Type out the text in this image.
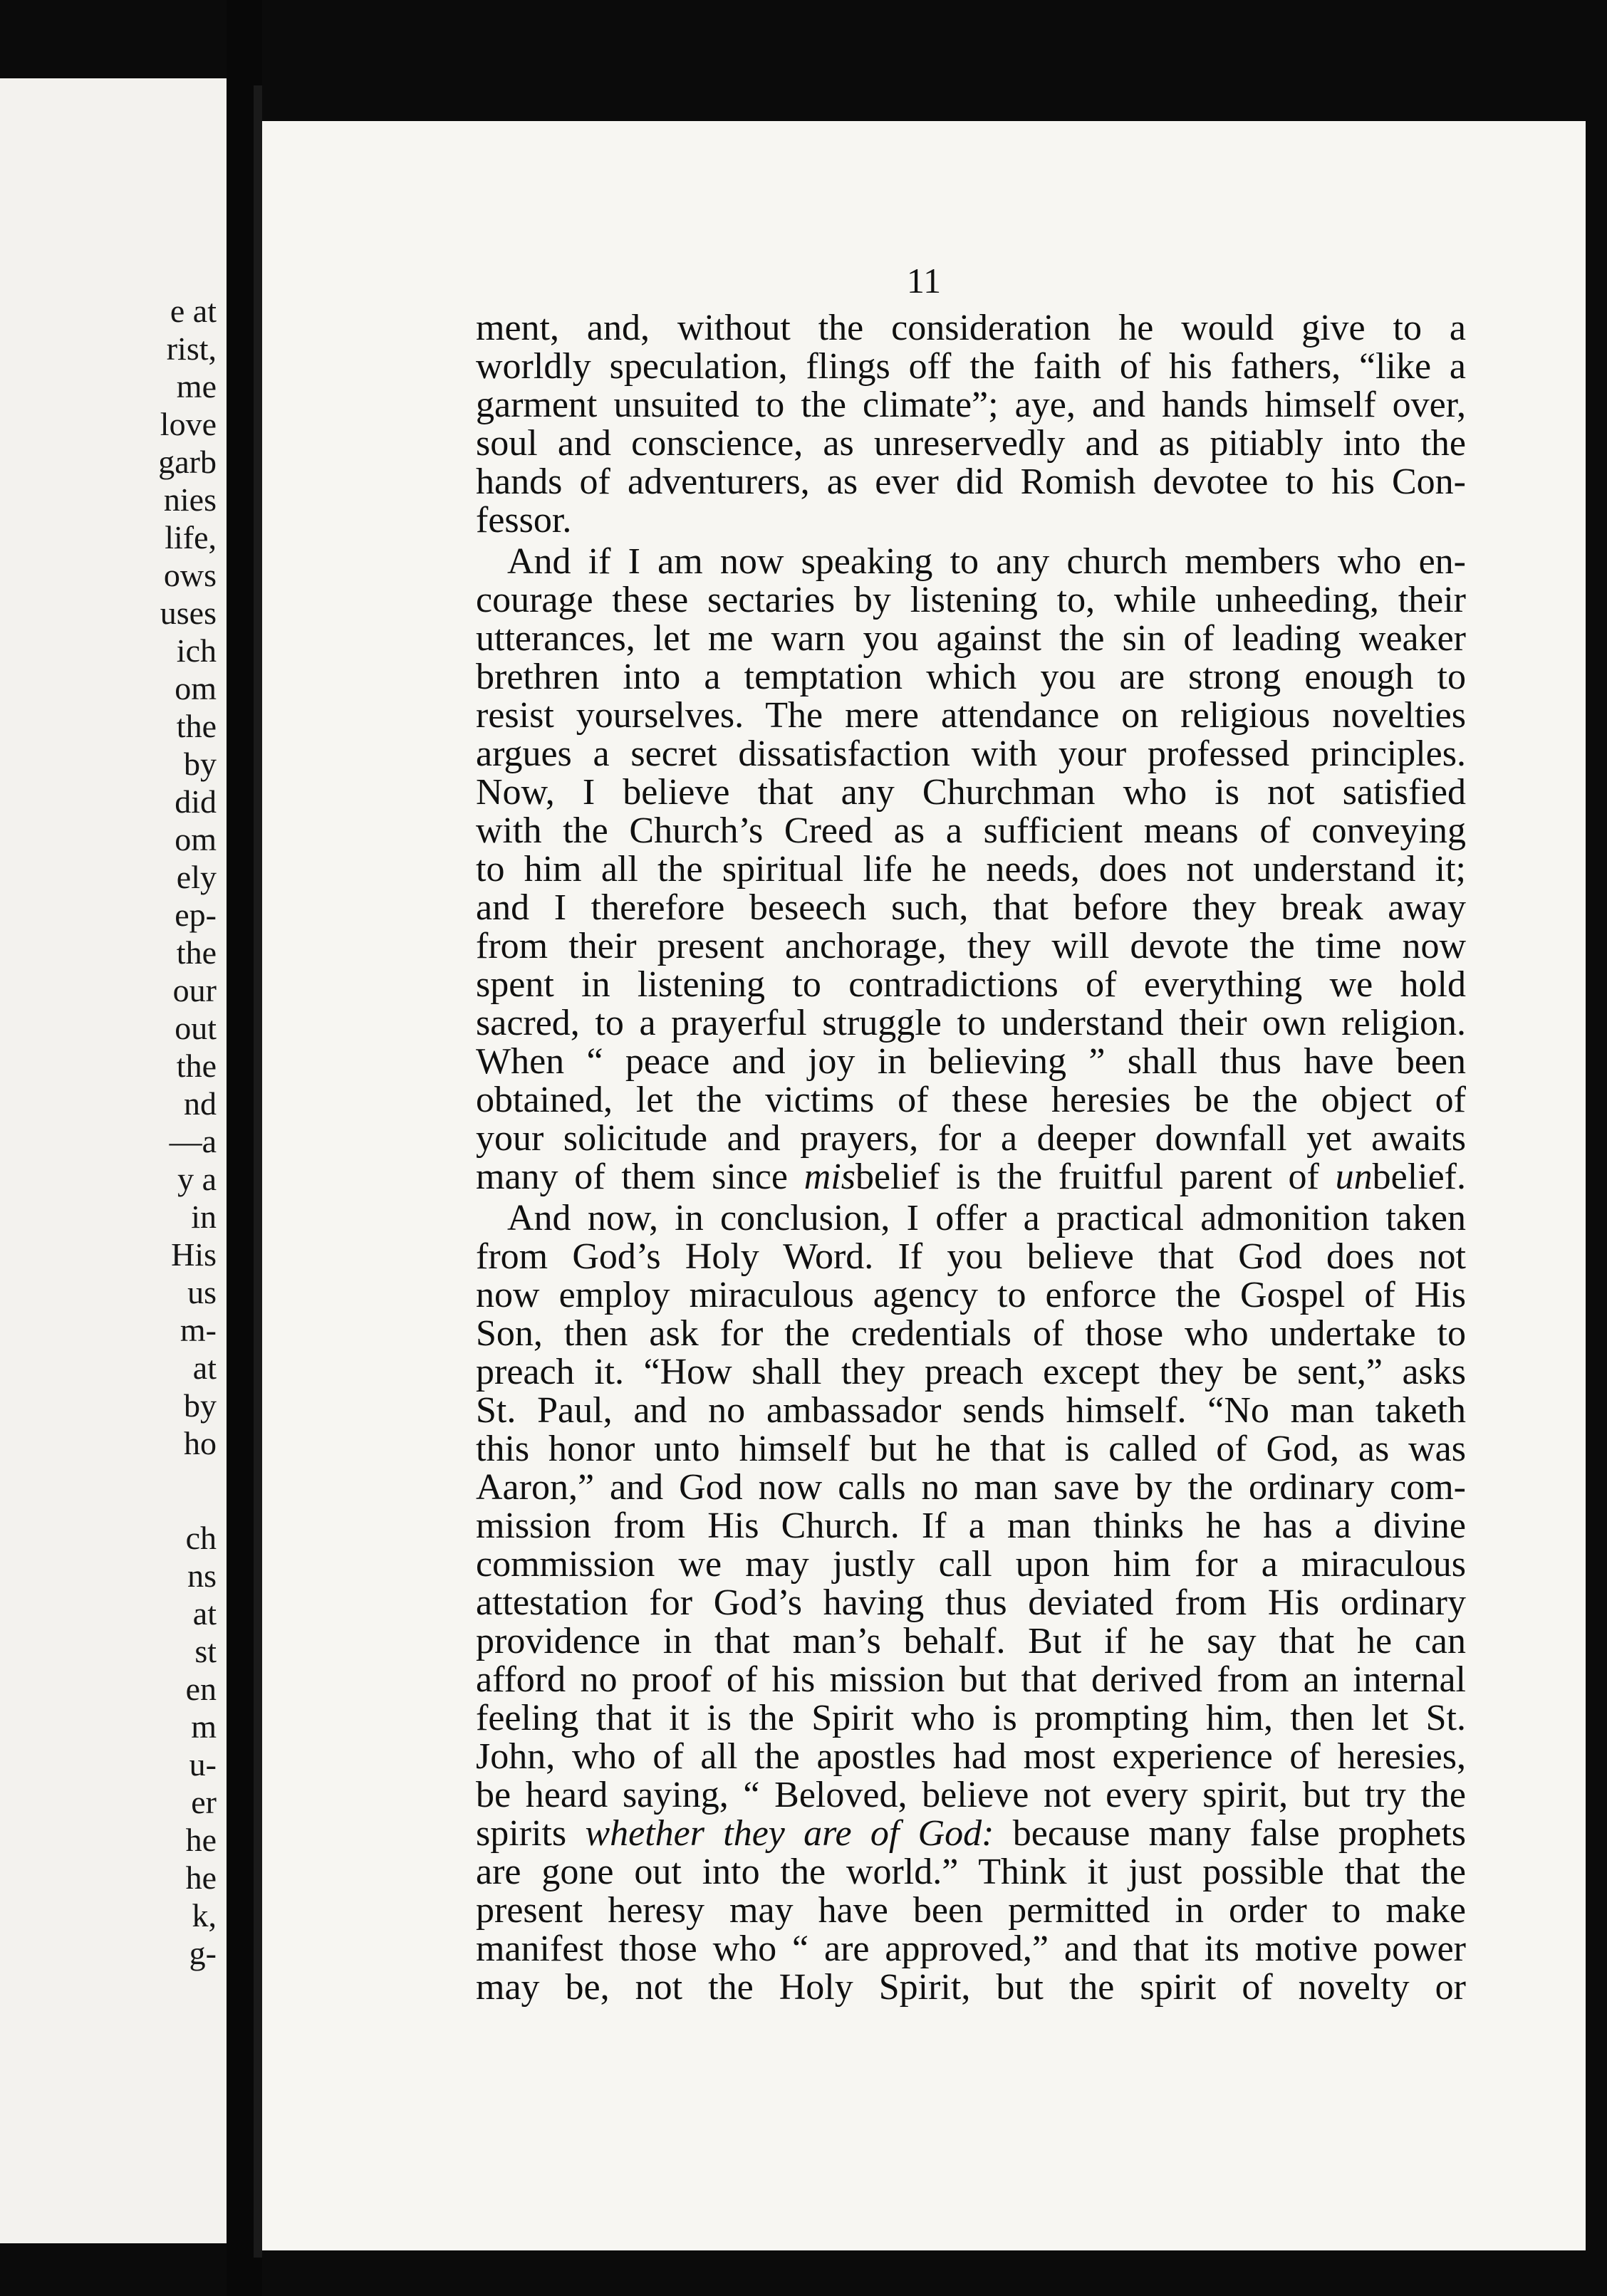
e at
rist,
me
love
garb
nies
life,
ows
uses
ich
om
the
by
did
om
ely
ep-
the
our
out
the
nd
—a
y a
in
His
us
m-
at
by
ho
ch
ns
at
st
en
m
u-
er
he
he
k,
g-
11
ment, and, without the consideration he would give to a
worldly speculation, flings off the faith of his fathers, “like a
garment unsuited to the climate”; aye, and hands himself over,
soul and conscience, as unreservedly and as pitiably into the
hands of adventurers, as ever did Romish devotee to his Con-
fessor.
And if I am now speaking to any church members who en-
courage these sectaries by listening to, while unheeding, their
utterances, let me warn you against the sin of leading weaker
brethren into a temptation which you are strong enough to
resist yourselves. The mere attendance on religious novelties
argues a secret dissatisfaction with your professed principles.
Now, I believe that any Churchman who is not satisfied
with the Church’s Creed as a sufficient means of conveying
to him all the spiritual life he needs, does not understand it;
and I therefore beseech such, that before they break away
from their present anchorage, they will devote the time now
spent in listening to contradictions of everything we hold
sacred, to a prayerful struggle to understand their own religion.
When “ peace and joy in believing ” shall thus have been
obtained, let the victims of these heresies be the object of
your solicitude and prayers, for a deeper downfall yet awaits
many of them since misbelief is the fruitful parent of unbelief.
And now, in conclusion, I offer a practical admonition taken
from God’s Holy Word. If you believe that God does not
now employ miraculous agency to enforce the Gospel of His
Son, then ask for the credentials of those who undertake to
preach it. “How shall they preach except they be sent,” asks
St. Paul, and no ambassador sends himself. “No man taketh
this honor unto himself but he that is called of God, as was
Aaron,” and God now calls no man save by the ordinary com-
mission from His Church. If a man thinks he has a divine
commission we may justly call upon him for a miraculous
attestation for God’s having thus deviated from His ordinary
providence in that man’s behalf. But if he say that he can
afford no proof of his mission but that derived from an internal
feeling that it is the Spirit who is prompting him, then let St.
John, who of all the apostles had most experience of heresies,
be heard saying, “ Beloved, believe not every spirit, but try the
spirits whether they are of God: because many false prophets
are gone out into the world.” Think it just possible that the
present heresy may have been permitted in order to make
manifest those who “ are approved,” and that its motive power
may be, not the Holy Spirit, but the spirit of novelty or
